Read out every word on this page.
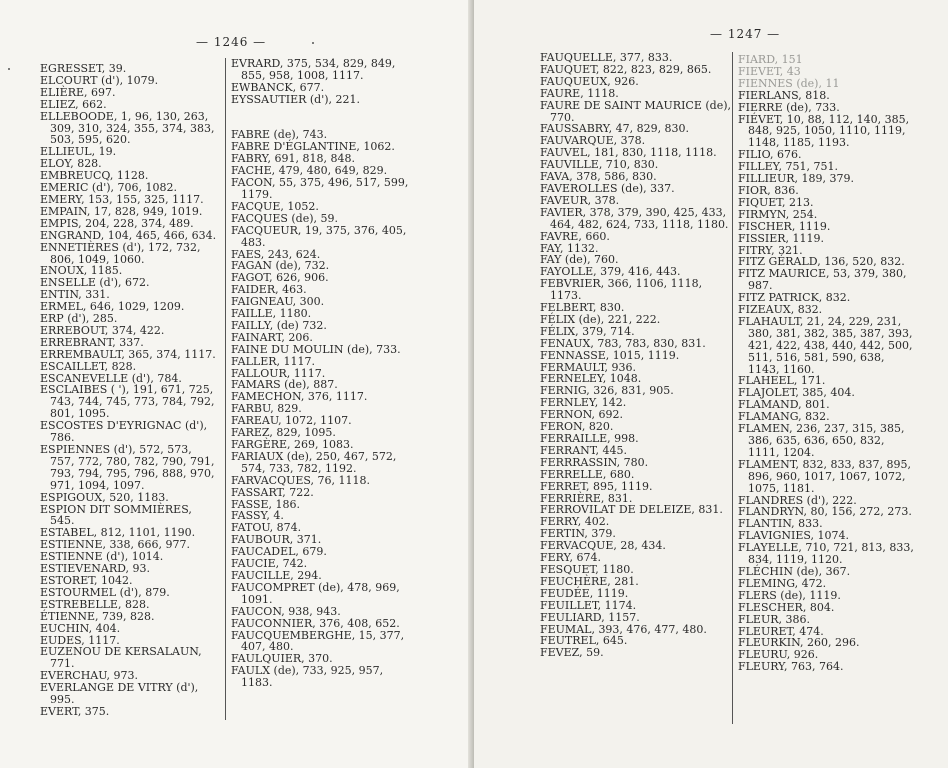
— 1246 —
EGRESSET, 39.
ELCOURT (d'), 1079.
ELIÈRE, 697.
ELIEZ, 662.
ELLEBOODE, 1, 96, 130, 263, 309, 310, 324, 355, 374, 383, 503, 595, 620.
ELLIEUL, 19.
ELOY, 828.
EMBREUCQ, 1128.
EMERIC (d'), 706, 1082.
EMERY, 153, 155, 325, 1117.
EMPAIN, 17, 828, 949, 1019.
EMPIS, 204, 228, 374, 489.
ENGRAND, 104, 465, 466, 634.
ENNETIÈRES (d'), 172, 732, 806, 1049, 1060.
ENOUX, 1185.
ENSELLE (d'), 672.
ENTIN, 331.
ERMEL, 646, 1029, 1209.
ERP (d'), 285.
ERREBOUT, 374, 422.
ERREBRANT, 337.
ERREMBAULT, 365, 374, 1117.
ESCAILLET, 828.
ESCANEVELLE (d'), 784.
ESCLAIBES ( '), 191, 671, 725, 743, 744, 745, 773, 784, 792, 801, 1095.
ESCOSTES D'EYRIGNAC (d'), 786.
ESPIENNES (d'), 572, 573, 757, 772, 780, 782, 790, 791, 793, 794, 795, 796, 888, 970, 971, 1094, 1097.
ESPIGOUX, 520, 1183.
ESPION DIT SOMMIÈRES, 545.
ESTABEL, 812, 1101, 1190.
ESTIENNE, 338, 666, 977.
ESTIENNE (d'), 1014.
ESTIEVENARD, 93.
ESTORET, 1042.
ESTOURMEL (d'), 879.
ESTREBELLE, 828.
ÉTIENNE, 739, 828.
EUCHIN, 404.
EUDES, 1117.
EUZENOU DE KERSALAUN, 771.
EVERCHAU, 973.
EVERLANGE DE VITRY (d'), 995.
EVERT, 375.
EVRARD, 375, 534, 829, 849, 855, 958, 1008, 1117.
EWBANCK, 677.
EYSSAUTIER (d'), 221.

FABRE (de), 743.
FABRE D'ÉGLANTINE, 1062.
FABRY, 691, 818, 848.
FACHE, 479, 480, 649, 829.
FACON, 55, 375, 496, 517, 599, 1179.
FACQUE, 1052.
FACQUES (de), 59.
FACQUEUR, 19, 375, 376, 405, 483.
FAES, 243, 624.
FAGAN (de), 732.
FAGOT, 626, 906.
FAIDER, 463.
FAIGNEAU, 300.
FAILLE, 1180.
FAILLY, (de) 732.
FAINART, 206.
FAINE DU MOULIN (de), 733.
FALLER, 1117.
FALLOUR, 1117.
FAMARS (de), 887.
FAMECHON, 376, 1117.
FARBU, 829.
FAREAU, 1072, 1107.
FAREZ, 829, 1095.
FARGÈRE, 269, 1083.
FARIAUX (de), 250, 467, 572, 574, 733, 782, 1192.
FARVACQUES, 76, 1118.
FASSART, 722.
FASSE, 186.
FASSY, 4.
FATOU, 874.
FAUBOUR, 371.
FAUCADEL, 679.
FAUCIE, 742.
FAUCILLE, 294.
FAUCOMPRET (de), 478, 969, 1091.
FAUCON, 938, 943.
FAUCONNIER, 376, 408, 652.
FAUCQUEMBERGHE, 15, 377, 407, 480.
FAULQUIER, 370.
FAULX (de), 733, 925, 957, 1183.
— 1247 —
FAUQUELLE, 377, 833.
FAUQUET, 822, 823, 829, 865.
FAUQUEUX, 926.
FAURE, 1118.
FAURE DE SAINT MAURICE (de), 770.
FAUSSABRY, 47, 829, 830.
FAUVARQUE, 378.
FAUVEL, 181, 830, 1118, 1118.
FAUVILLE, 710, 830.
FAVA, 378, 586, 830.
FAVEROLLES (de), 337.
FAVEUR, 378.
FAVIER, 378, 379, 390, 425, 433, 464, 482, 624, 733, 1118, 1180.
FAVRE, 660.
FAY, 1132.
FAY (de), 760.
FAYOLLE, 379, 416, 443.
FEBVRIER, 366, 1106, 1118, 1173.
FELBERT, 830.
FÉLIX (de), 221, 222.
FÉLIX, 379, 714.
FENAUX, 783, 783, 830, 831.
FENNASSE, 1015, 1119.
FERMAULT, 936.
FERNELEY, 1048.
FERNIG, 326, 831, 905.
FERNLEY, 142.
FERNON, 692.
FERON, 820.
FERRAILLE, 998.
FERRANT, 445.
FERRRASSIN, 780.
FERRELLE, 680.
FERRET, 895, 1119.
FERRIÈRE, 831.
FERROVILAT DE DELEIZE, 831.
FERRY, 402.
FERTIN, 379.
FERVACQUE, 28, 434.
FERY, 674.
FESQUET, 1180.
FEUCHÈRE, 281.
FEUDÉE, 1119.
FEUILLET, 1174.
FEULIARD, 1157.
FEUMAL, 393, 476, 477, 480.
FEUTREL, 645.
FEVEZ, 59.
FIARD, 151
FIEVET, 43
FIENNES (de), 11
FIERLANS, 818.
FIERRE (de), 733.
FIÉVET, 10, 88, 112, 140, 385, 848, 925, 1050, 1110, 1119, 1148, 1185, 1193.
FILIO, 676.
FILLEY, 751, 751.
FILLIEUR, 189, 379.
FIOR, 836.
FIQUET, 213.
FIRMYN, 254.
FISCHER, 1119.
FISSIER, 1119.
FITRY, 321.
FITZ GÉRALD, 136, 520, 832.
FITZ MAURICE, 53, 379, 380, 987.
FITZ PATRICK, 832.
FIZEAUX, 832.
FLAHAULT, 21, 24, 229, 231, 380, 381, 382, 385, 387, 393, 421, 422, 438, 440, 442, 500, 511, 516, 581, 590, 638, 1143, 1160.
FLAHEEL, 171.
FLAJOLET, 385, 404.
FLAMAND, 801.
FLAMANG, 832.
FLAMEN, 236, 237, 315, 385, 386, 635, 636, 650, 832, 1111, 1204.
FLAMENT, 832, 833, 837, 895, 896, 960, 1017, 1067, 1072, 1075, 1181.
FLANDRES (d'), 222.
FLANDRYN, 80, 156, 272, 273.
FLANTIN, 833.
FLAVIGNIES, 1074.
FLAYELLE, 710, 721, 813, 833, 834, 1119, 1120.
FLÉCHIN (de), 367.
FLEMING, 472.
FLERS (de), 1119.
FLESCHER, 804.
FLEUR, 386.
FLEURET, 474.
FLEURKIN, 260, 296.
FLEURU, 926.
FLEURY, 763, 764.
